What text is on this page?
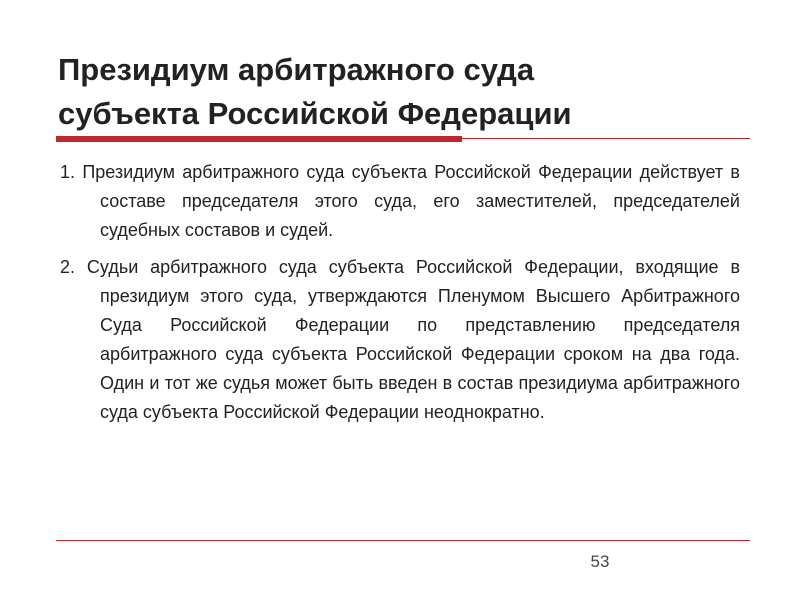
Президиум арбитражного суда
субъекта Российской Федерации

1. Президиум арбитражного суда субъекта Российской Федерации действует в составе председателя этого суда, его заместителей, председателей судебных составов и судей.

2. Судьи арбитражного суда субъекта Российской Федерации, входящие в президиум этого суда, утверждаются Пленумом Высшего Арбитражного Суда Российской Федерации по представлению председателя арбитражного суда субъекта Российской Федерации сроком на два года. Один и тот же судья может быть введен в состав президиума арбитражного суда субъекта Российской Федерации неоднократно.

53
